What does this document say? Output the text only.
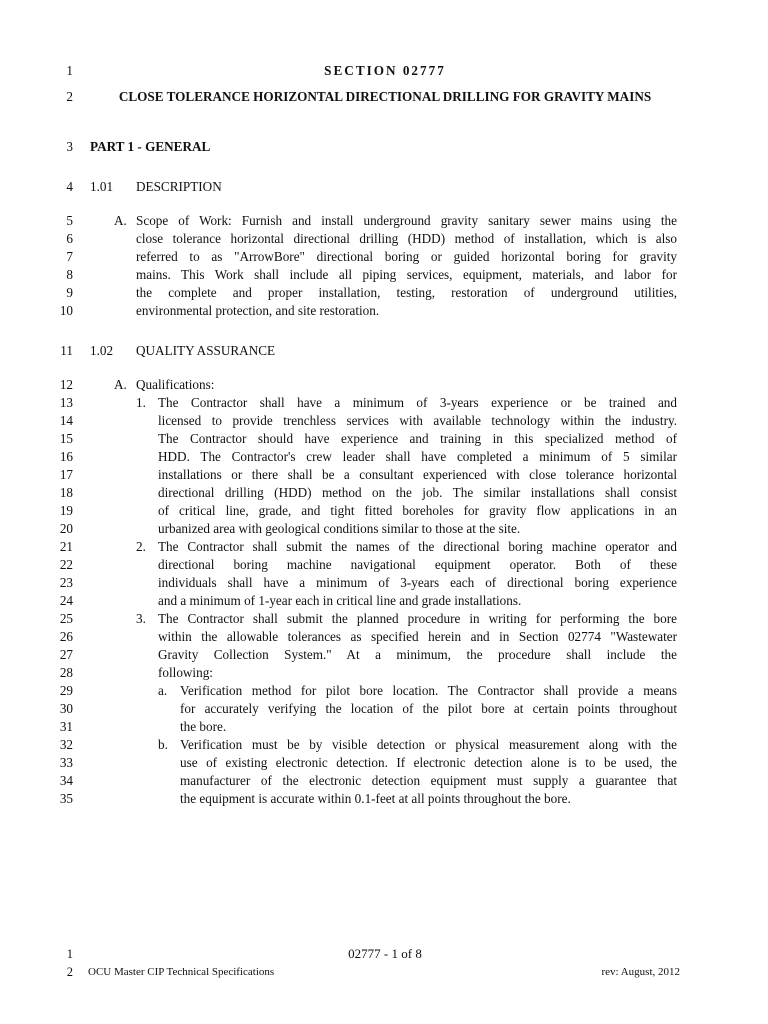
1
2
3
4
5
6
7
8
9
10
11
12
13
14
15
16
17
18
19
20
21
22
23
24
25
26
27
28
29
30
31
32
33
34
35
SECTION 02777
CLOSE TOLERANCE HORIZONTAL DIRECTIONAL DRILLING FOR GRAVITY MAINS
PART 1 - GENERAL
1.01 DESCRIPTION
A. Scope of Work: Furnish and install underground gravity sanitary sewer mains using the
close tolerance horizontal directional drilling (HDD) method of installation, which is also
referred to as "ArrowBore" directional boring or guided horizontal boring for gravity
mains. This Work shall include all piping services, equipment, materials, and labor for
the complete and proper installation, testing, restoration of underground utilities,
environmental protection, and site restoration.
1.02 QUALITY ASSURANCE
A. Qualifications:
1. The Contractor shall have a minimum of 3-years experience or be trained and
licensed to provide trenchless services with available technology within the industry.
The Contractor should have experience and training in this specialized method of
HDD. The Contractor's crew leader shall have completed a minimum of 5 similar
installations or there shall be a consultant experienced with close tolerance horizontal
directional drilling (HDD) method on the job. The similar installations shall consist
of critical line, grade, and tight fitted boreholes for gravity flow applications in an
urbanized area with geological conditions similar to those at the site.
2. The Contractor shall submit the names of the directional boring machine operator and
directional boring machine navigational equipment operator. Both of these
individuals shall have a minimum of 3-years each of directional boring experience
and a minimum of 1-year each in critical line and grade installations.
3. The Contractor shall submit the planned procedure in writing for performing the bore
within the allowable tolerances as specified herein and in Section 02774 "Wastewater
Gravity Collection System." At a minimum, the procedure shall include the
following:
a. Verification method for pilot bore location. The Contractor shall provide a means
for accurately verifying the location of the pilot bore at certain points throughout
the bore.
b. Verification must be by visible detection or physical measurement along with the
use of existing electronic detection. If electronic detection alone is to be used, the
manufacturer of the electronic detection equipment must supply a guarantee that
the equipment is accurate within 0.1-feet at all points throughout the bore.
1	02777 - 1 of 8
2 OCU Master CIP Technical Specifications	rev: August, 2012
